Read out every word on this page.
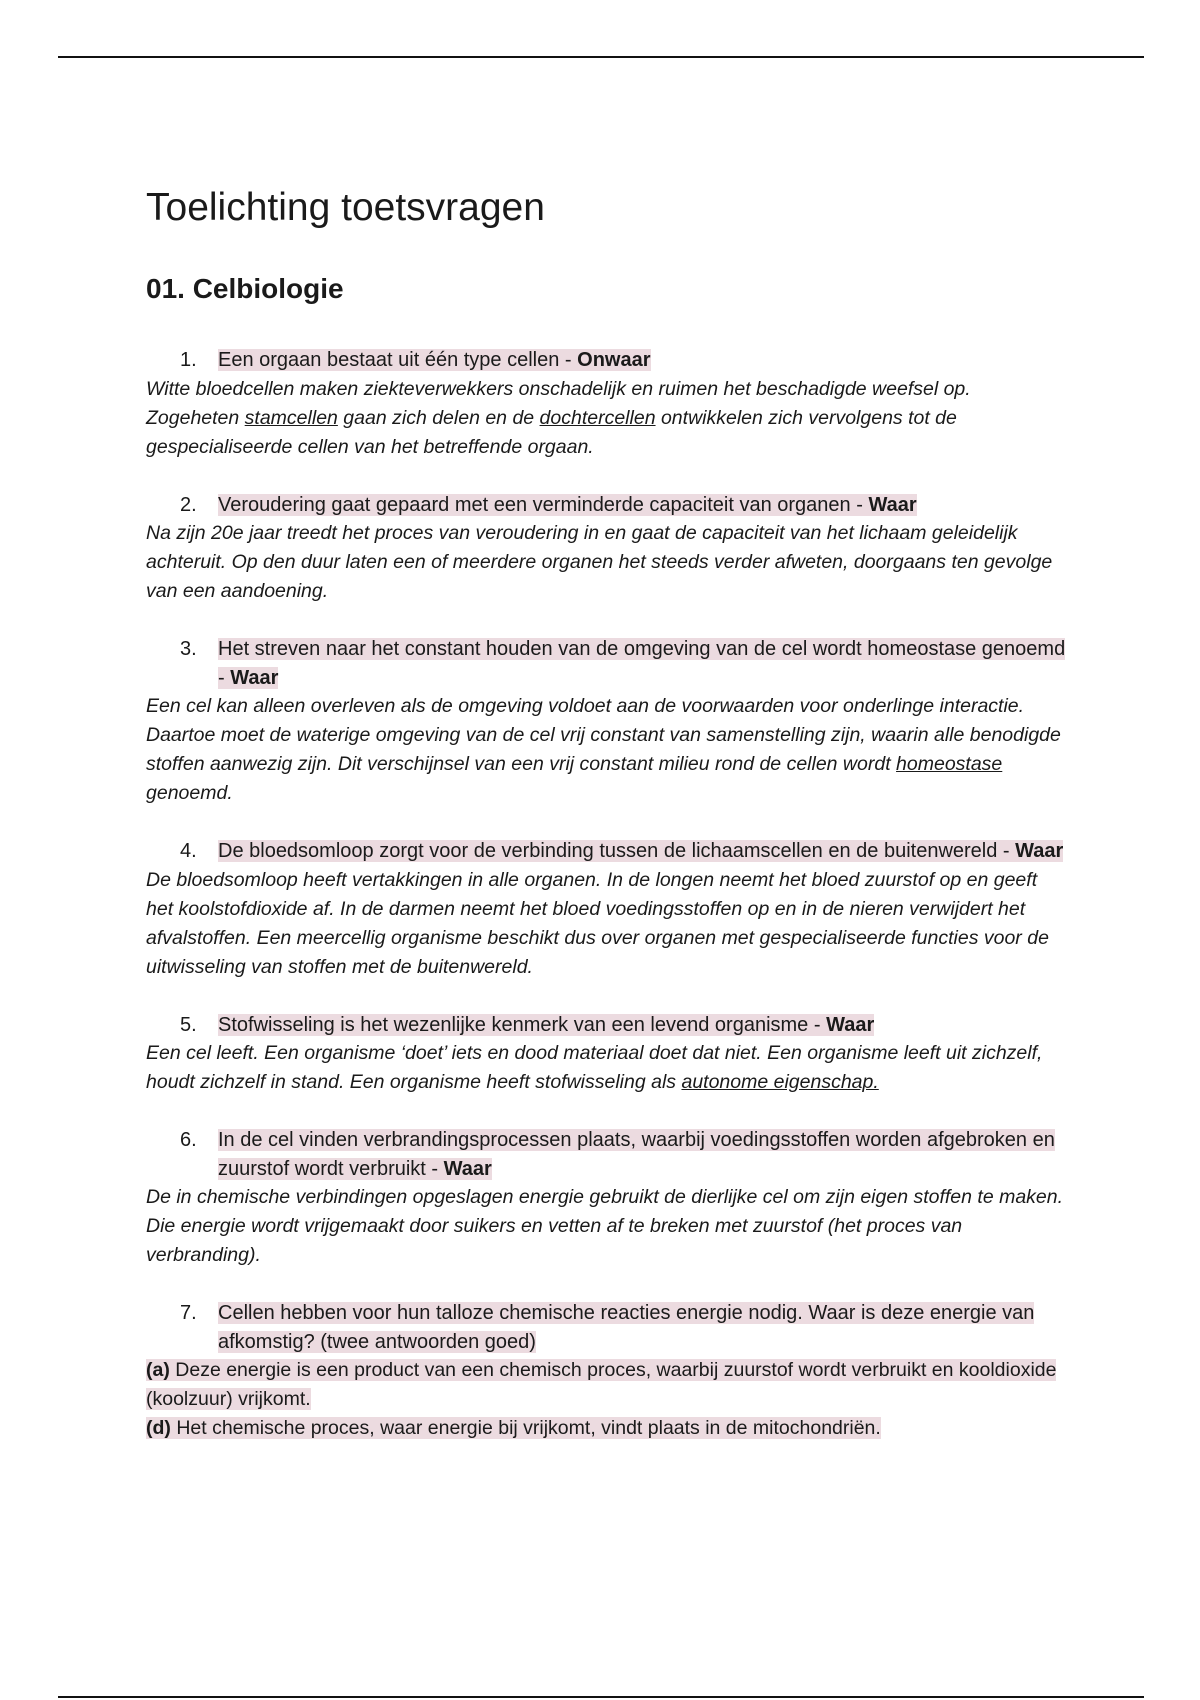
Toelichting toetsvragen
01. Celbiologie
1. Een orgaan bestaat uit één type cellen - Onwaar

Witte bloedcellen maken ziekteverwekkers onschadelijk en ruimen het beschadigde weefsel op. Zogeheten stamcellen gaan zich delen en de dochtercellen ontwikkelen zich vervolgens tot de gespecialiseerde cellen van het betreffende orgaan.

2. Veroudering gaat gepaard met een verminderde capaciteit van organen - Waar

Na zijn 20e jaar treedt het proces van veroudering in en gaat de capaciteit van het lichaam geleidelijk achteruit. Op den duur laten een of meerdere organen het steeds verder afweten, doorgaans ten gevolge van een aandoening.

3. Het streven naar het constant houden van de omgeving van de cel wordt homeostase genoemd - Waar

Een cel kan alleen overleven als de omgeving voldoet aan de voorwaarden voor onderlinge interactie. Daartoe moet de waterige omgeving van de cel vrij constant van samenstelling zijn, waarin alle benodigde stoffen aanwezig zijn. Dit verschijnsel van een vrij constant milieu rond de cellen wordt homeostase genoemd.

4. De bloedsomloop zorgt voor de verbinding tussen de lichaamscellen en de buitenwereld - Waar

De bloedsomloop heeft vertakkingen in alle organen. In de longen neemt het bloed zuurstof op en geeft het koolstofdioxide af. In de darmen neemt het bloed voedingsstoffen op en in de nieren verwijdert het afvalstoffen. Een meercellig organisme beschikt dus over organen met gespecialiseerde functies voor de uitwisseling van stoffen met de buitenwereld.

5. Stofwisseling is het wezenlijke kenmerk van een levend organisme - Waar

Een cel leeft. Een organisme ‘doet’ iets en dood materiaal doet dat niet. Een organisme leeft uit zichzelf, houdt zichzelf in stand. Een organisme heeft stofwisseling als autonome eigenschap.

6. In de cel vinden verbrandingsprocessen plaats, waarbij voedingsstoffen worden afgebroken en zuurstof wordt verbruikt - Waar

De in chemische verbindingen opgeslagen energie gebruikt de dierlijke cel om zijn eigen stoffen te maken. Die energie wordt vrijgemaakt door suikers en vetten af te breken met zuurstof (het proces van verbranding).

7. Cellen hebben voor hun talloze chemische reacties energie nodig. Waar is deze energie van afkomstig? (twee antwoorden goed)

(a) Deze energie is een product van een chemisch proces, waarbij zuurstof wordt verbruikt en kooldioxide (koolzuur) vrijkomt.

(d) Het chemische proces, waar energie bij vrijkomt, vindt plaats in de mitochondriën.
